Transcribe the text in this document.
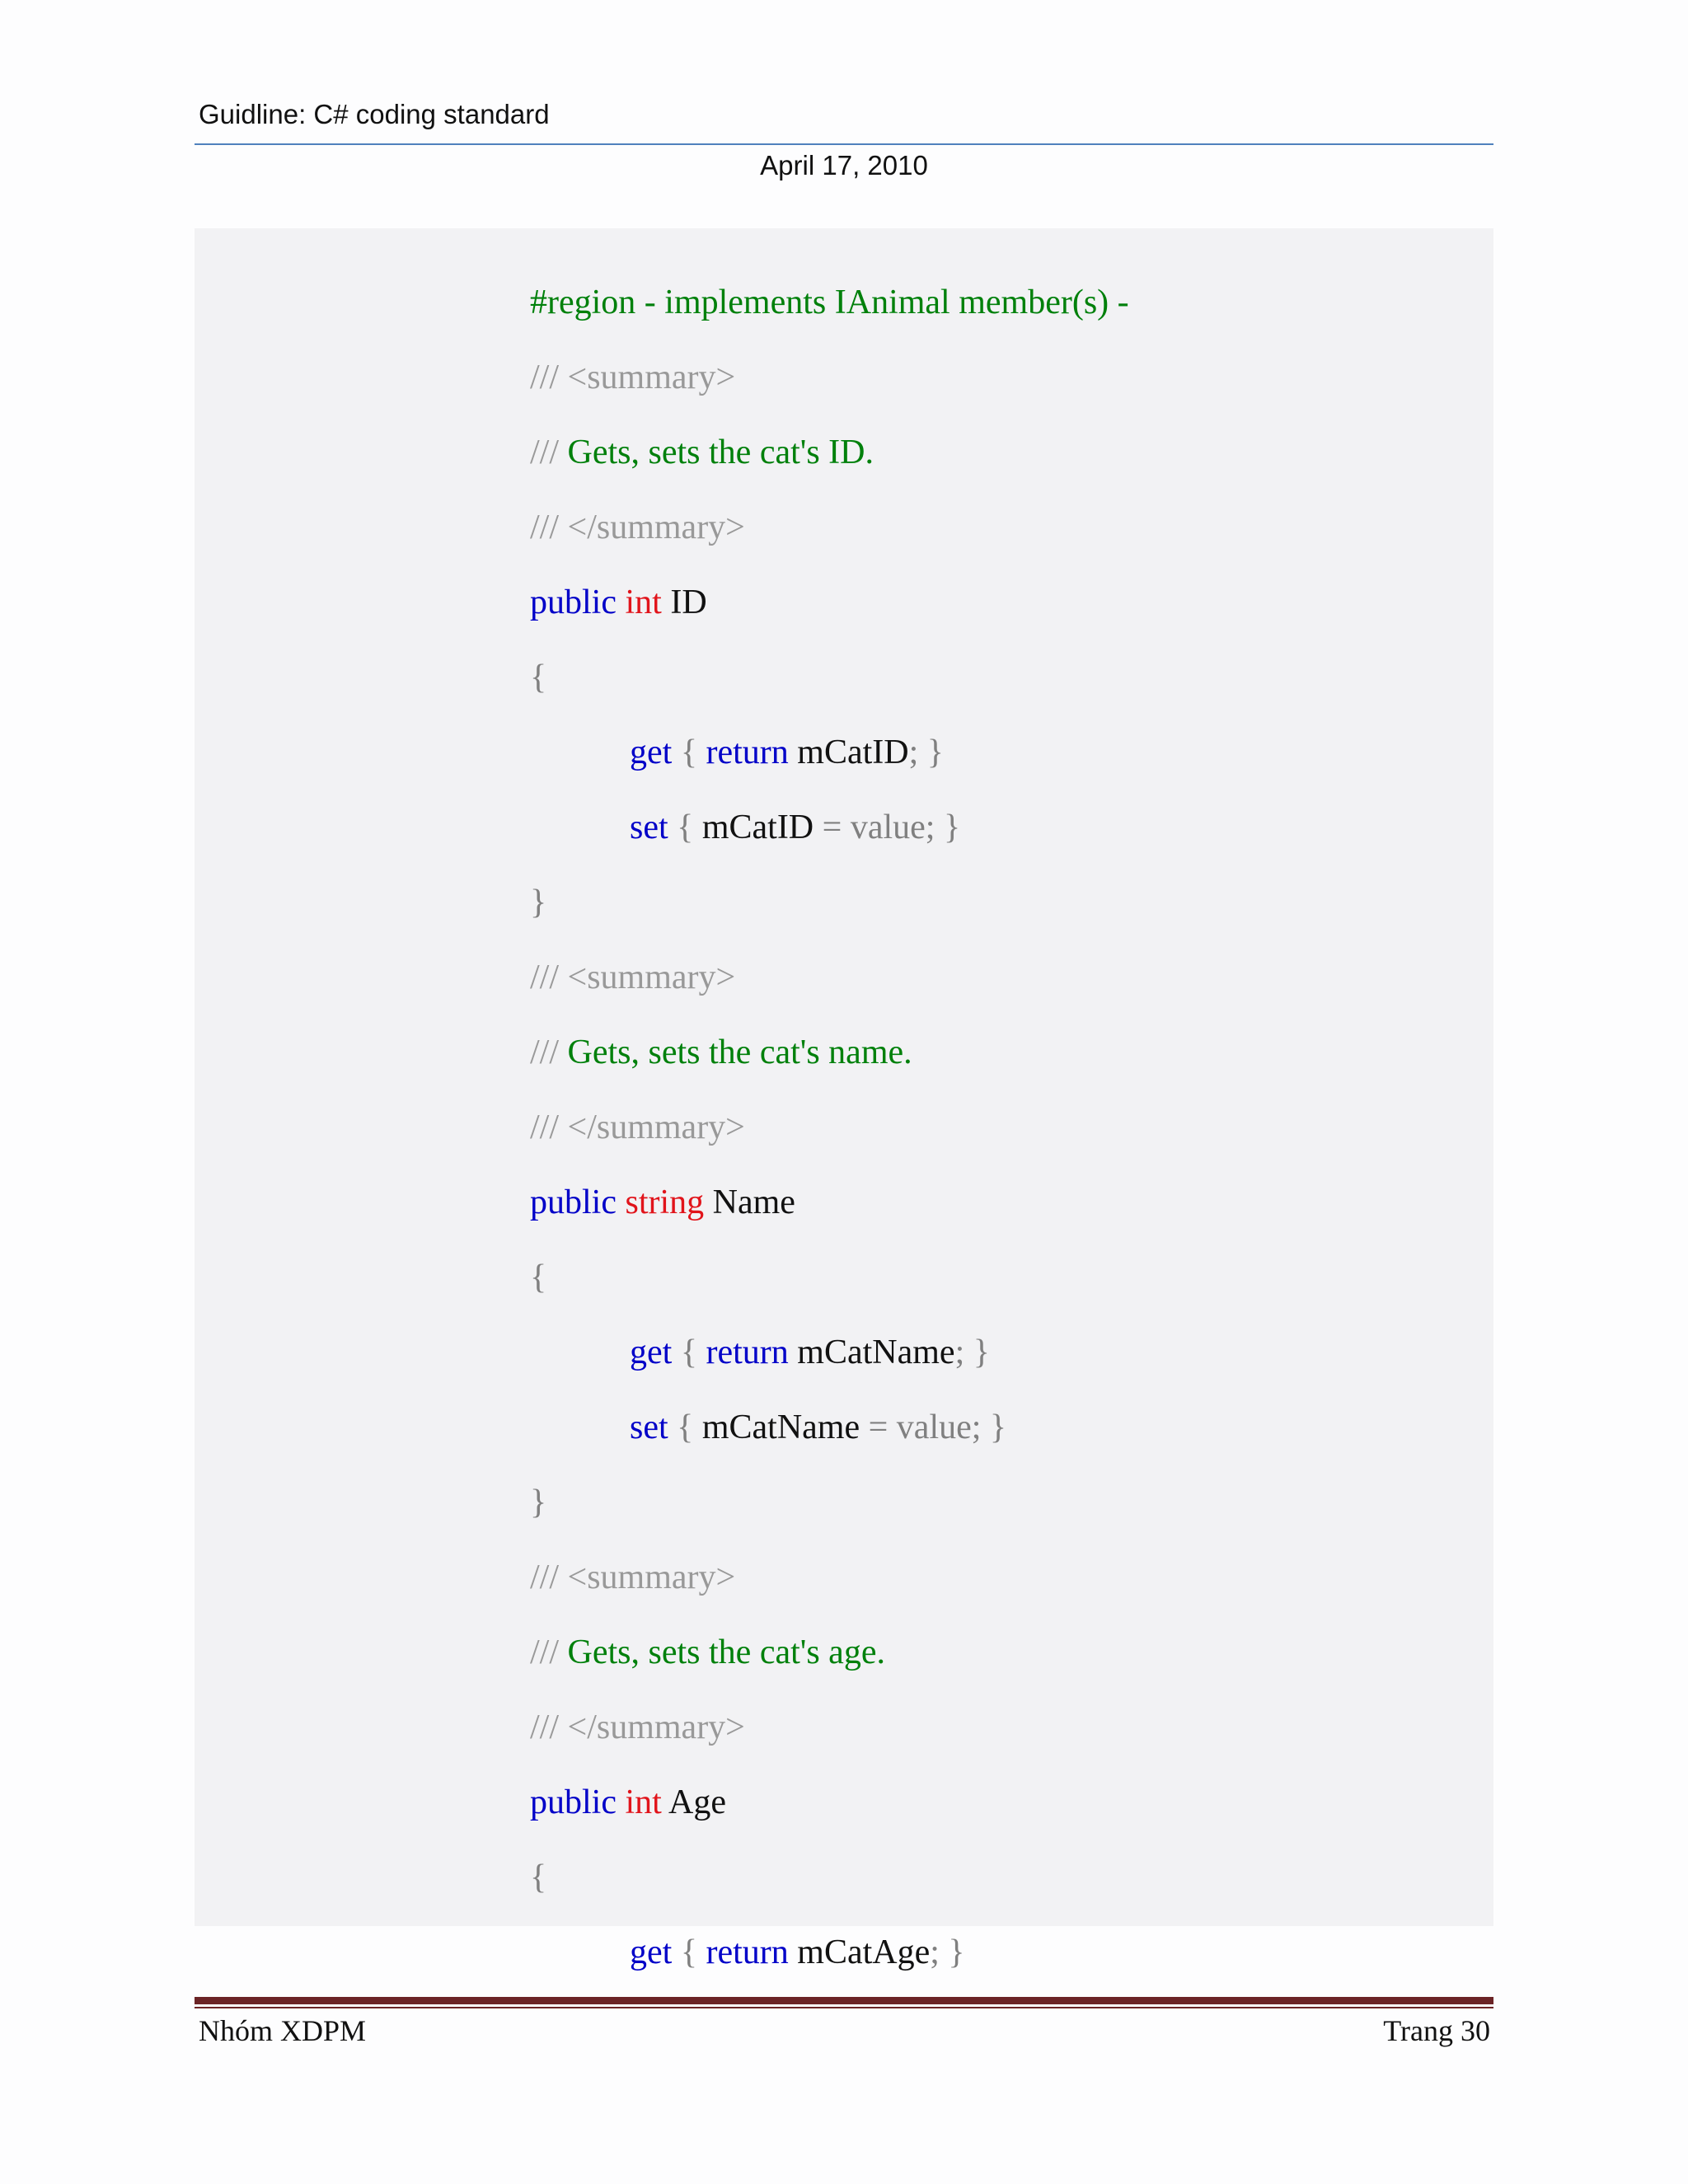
Guidline: C# coding standard
April 17, 2010

#region - implements IAnimal member(s) -

/// <summary>

/// Gets, sets the cat's ID.

/// </summary>

public int ID

{

get { return mCatID; }

set { mCatID = value; }

}

/// <summary>

/// Gets, sets the cat's name.

/// </summary>

public string Name

{

get { return mCatName; }

set { mCatName = value; }

}

/// <summary>

/// Gets, sets the cat's age.

/// </summary>

public int Age

{

get { return mCatAge; }

Nhóm XDPM	Trang 30
